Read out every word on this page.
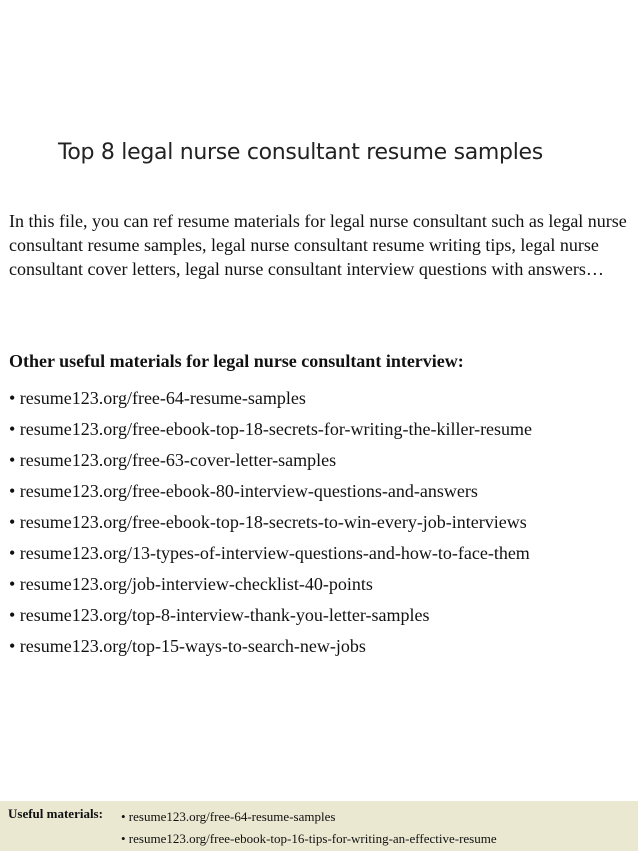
Top 8 legal nurse consultant resume samples
In this file, you can ref resume materials for legal nurse consultant such as legal nurse consultant resume samples, legal nurse consultant resume writing tips, legal nurse consultant cover letters, legal nurse consultant interview questions with answers…
Other useful materials for legal nurse consultant interview:
• resume123.org/free-64-resume-samples
• resume123.org/free-ebook-top-18-secrets-for-writing-the-killer-resume
• resume123.org/free-63-cover-letter-samples
• resume123.org/free-ebook-80-interview-questions-and-answers
• resume123.org/free-ebook-top-18-secrets-to-win-every-job-interviews
• resume123.org/13-types-of-interview-questions-and-how-to-face-them
• resume123.org/job-interview-checklist-40-points
• resume123.org/top-8-interview-thank-you-letter-samples
• resume123.org/top-15-ways-to-search-new-jobs
Useful materials: • resume123.org/free-64-resume-samples
• resume123.org/free-ebook-top-16-tips-for-writing-an-effective-resume
